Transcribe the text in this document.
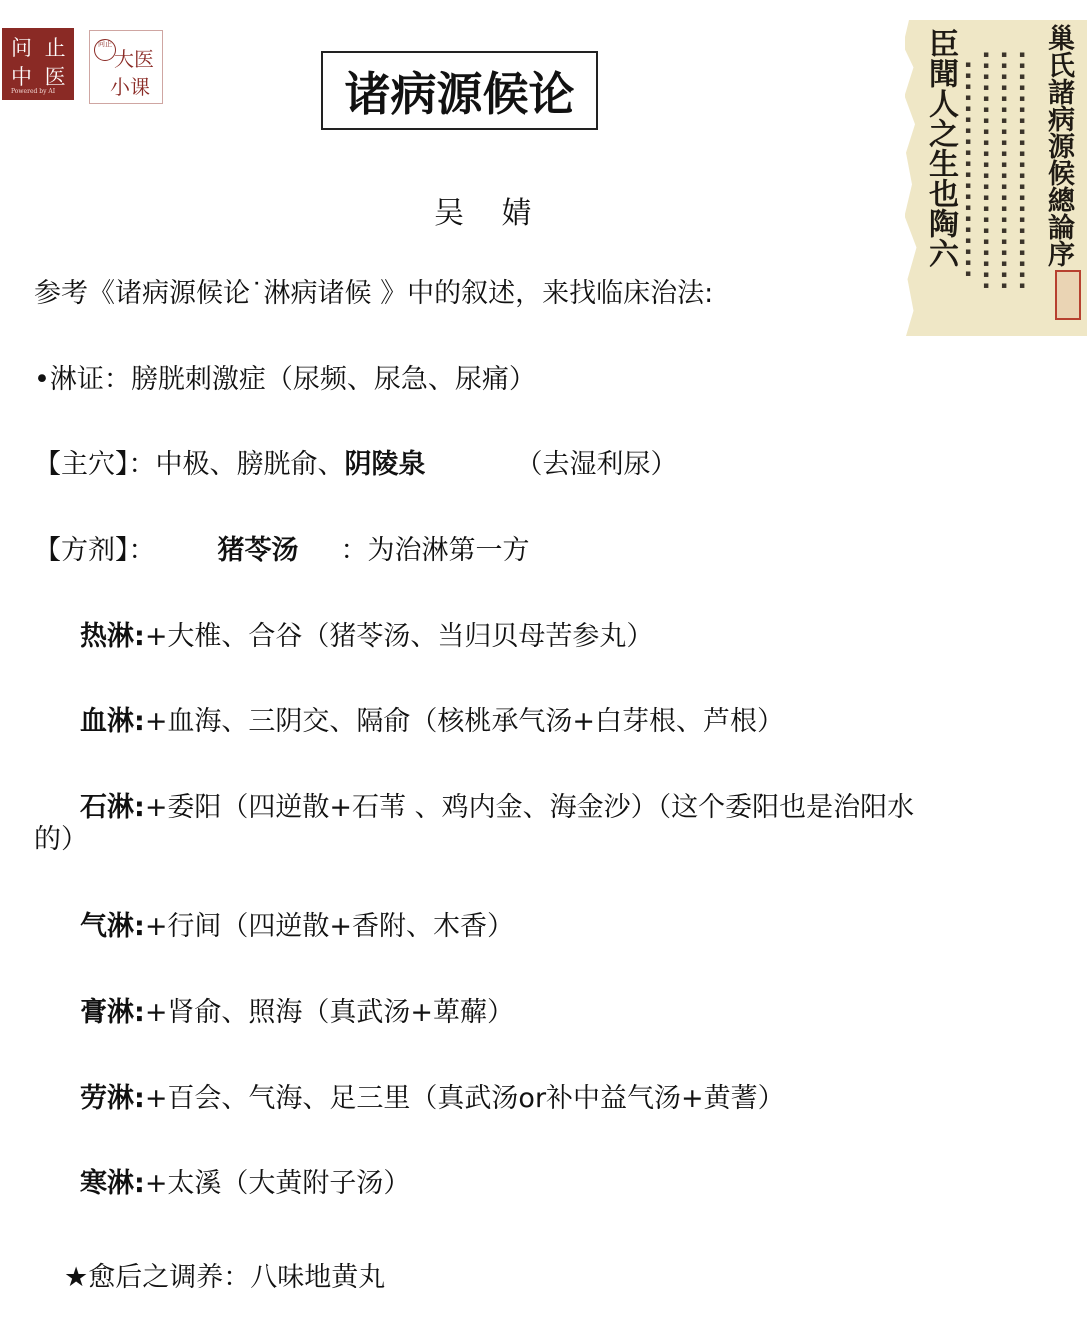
问 止
中 医
Powered by AI
问止
大医
小课	诸病源候论
吴 婧	巢氏諸病源候總論序
臣聞人之生也陶六 ▪
▪
▪
▪
▪
▪
▪
▪
▪
▪
▪
▪
▪
▪
▪
▪
▪
▪
▪
▪
▪
▪
▪
▪
▪
▪
▪
▪
▪
▪
▪
▪
▪
▪
▪
▪
▪
▪
▪
▪
▪
▪
▪
▪
▪
▪
▪
▪
▪
▪
▪
▪
▪
▪
▪
▪
▪
▪
▪
▪
▪
▪
▪
▪
▪
▪
▪
▪
▪
▪
▪
▪
▪
▪
▪
▪
▪
▪
▪
▪
▪
▪
▪
▪
▪
▪
参考《诸病源候论˙淋病诸候 》中的叙述，来找临床治法:
•淋证：膀胱刺激症（尿频、尿急、尿痛）
【主穴】：中极、膀胱俞、阴陵泉	（去湿利尿）
【方剂】： 猪苓汤 ：为治淋第一方
热淋:+大椎、合谷（猪苓汤、当归贝母苦参丸）
血淋:+血海、三阴交、隔俞（核桃承气汤+白芽根、芦根）
石淋:+委阳（四逆散+石苇 、鸡内金、海金沙）（这个委阳也是治阳水
的）
气淋:+行间（四逆散+香附、木香）
膏淋:+肾俞、照海（真武汤+萆薢）
劳淋:+百会、气海、足三里（真武汤or补中益气汤+黄蓍）
寒淋:+太溪（大黄附子汤）
★愈后之调养：八味地黄丸
